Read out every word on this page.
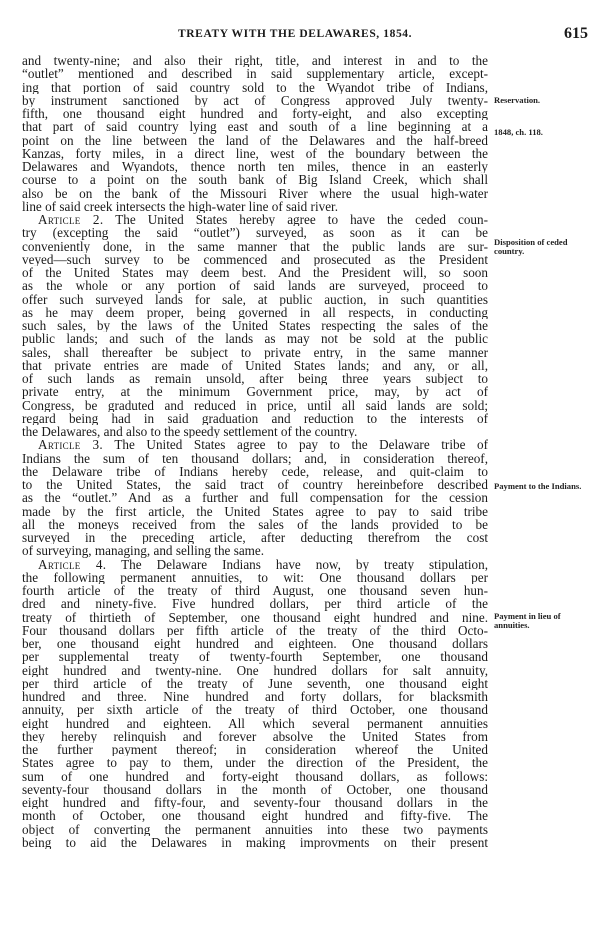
TREATY WITH THE DELAWARES, 1854.	615
Reservation.
1848, ch. 118.
Disposition of ceded country.
Payment to the Indians.
Payment in lieu of annuities.
and twenty-nine; and also their right, title, and interest in and to the
“outlet” mentioned and described in said supplementary article, except-
ing that portion of said country sold to the Wyandot tribe of Indians,
by instrument sanctioned by act of Congress approved July twenty-
fifth, one thousand eight hundred and forty-eight, and also excepting
that part of said country lying east and south of a line beginning at a
point on the line between the land of the Delawares and the half-breed
Kanzas, forty miles, in a direct line, west of the boundary between the
Delawares and Wyandots, thence north ten miles, thence in an easterly
course to a point on the south bank of Big Island Creek, which shall
also be on the bank of the Missouri River where the usual high-water
line of said creek intersects the high-water line of said river.
Article 2. The United States hereby agree to have the ceded coun-
try (excepting the said “outlet”) surveyed, as soon as it can be
conveniently done, in the same manner that the public lands are sur-
veyed—such survey to be commenced and prosecuted as the President
of the United States may deem best. And the President will, so soon
as the whole or any portion of said lands are surveyed, proceed to
offer such surveyed lands for sale, at public auction, in such quantities
as he may deem proper, being governed in all respects, in conducting
such sales, by the laws of the United States respecting the sales of the
public lands; and such of the lands as may not be sold at the public
sales, shall thereafter be subject to private entry, in the same manner
that private entries are made of United States lands; and any, or all,
of such lands as remain unsold, after being three years subject to
private entry, at the minimum Government price, may, by act of
Congress, be graduted and reduced in price, until all said lands are sold;
regard being had in said graduation and reduction to the interests of
the Delawares, and also to the speedy settlement of the country.
Article 3. The United States agree to pay to the Delaware tribe of
Indians the sum of ten thousand dollars; and, in consideration thereof,
the Delaware tribe of Indians hereby cede, release, and quit-claim to
to the United States, the said tract of country hereinbefore described
as the “outlet.” And as a further and full compensation for the cession
made by the first article, the United States agree to pay to said tribe
all the moneys received from the sales of the lands provided to be
surveyed in the preceding article, after deducting therefrom the cost
of surveying, managing, and selling the same.
Article 4. The Delaware Indians have now, by treaty stipulation,
the following permanent annuities, to wit: One thousand dollars per
fourth article of the treaty of third August, one thousand seven hun-
dred and ninety-five. Five hundred dollars, per third article of the
treaty of thirtieth of September, one thousand eight hundred and nine.
Four thousand dollars per fifth article of the treaty of the third Octo-
ber, one thousand eight hundred and eighteen. One thousand dollars
per supplemental treaty of twenty-fourth September, one thousand
eight hundred and twenty-nine. One hundred dollars for salt annuity,
per third article of the treaty of June seventh, one thousand eight
hundred and three. Nine hundred and forty dollars, for blacksmith
annuity, per sixth article of the treaty of third October, one thousand
eight hundred and eighteen. All which several permanent annuities
they hereby relinquish and forever absolve the United States from
the further payment thereof; in consideration whereof the United
States agree to pay to them, under the direction of the President, the
sum of one hundred and forty-eight thousand dollars, as follows:
seventy-four thousand dollars in the month of October, one thousand
eight hundred and fifty-four, and seventy-four thousand dollars in the
month of October, one thousand eight hundred and fifty-five. The
object of converting the permanent annuities into these two payments
being to aid the Delawares in making improvments on their present
